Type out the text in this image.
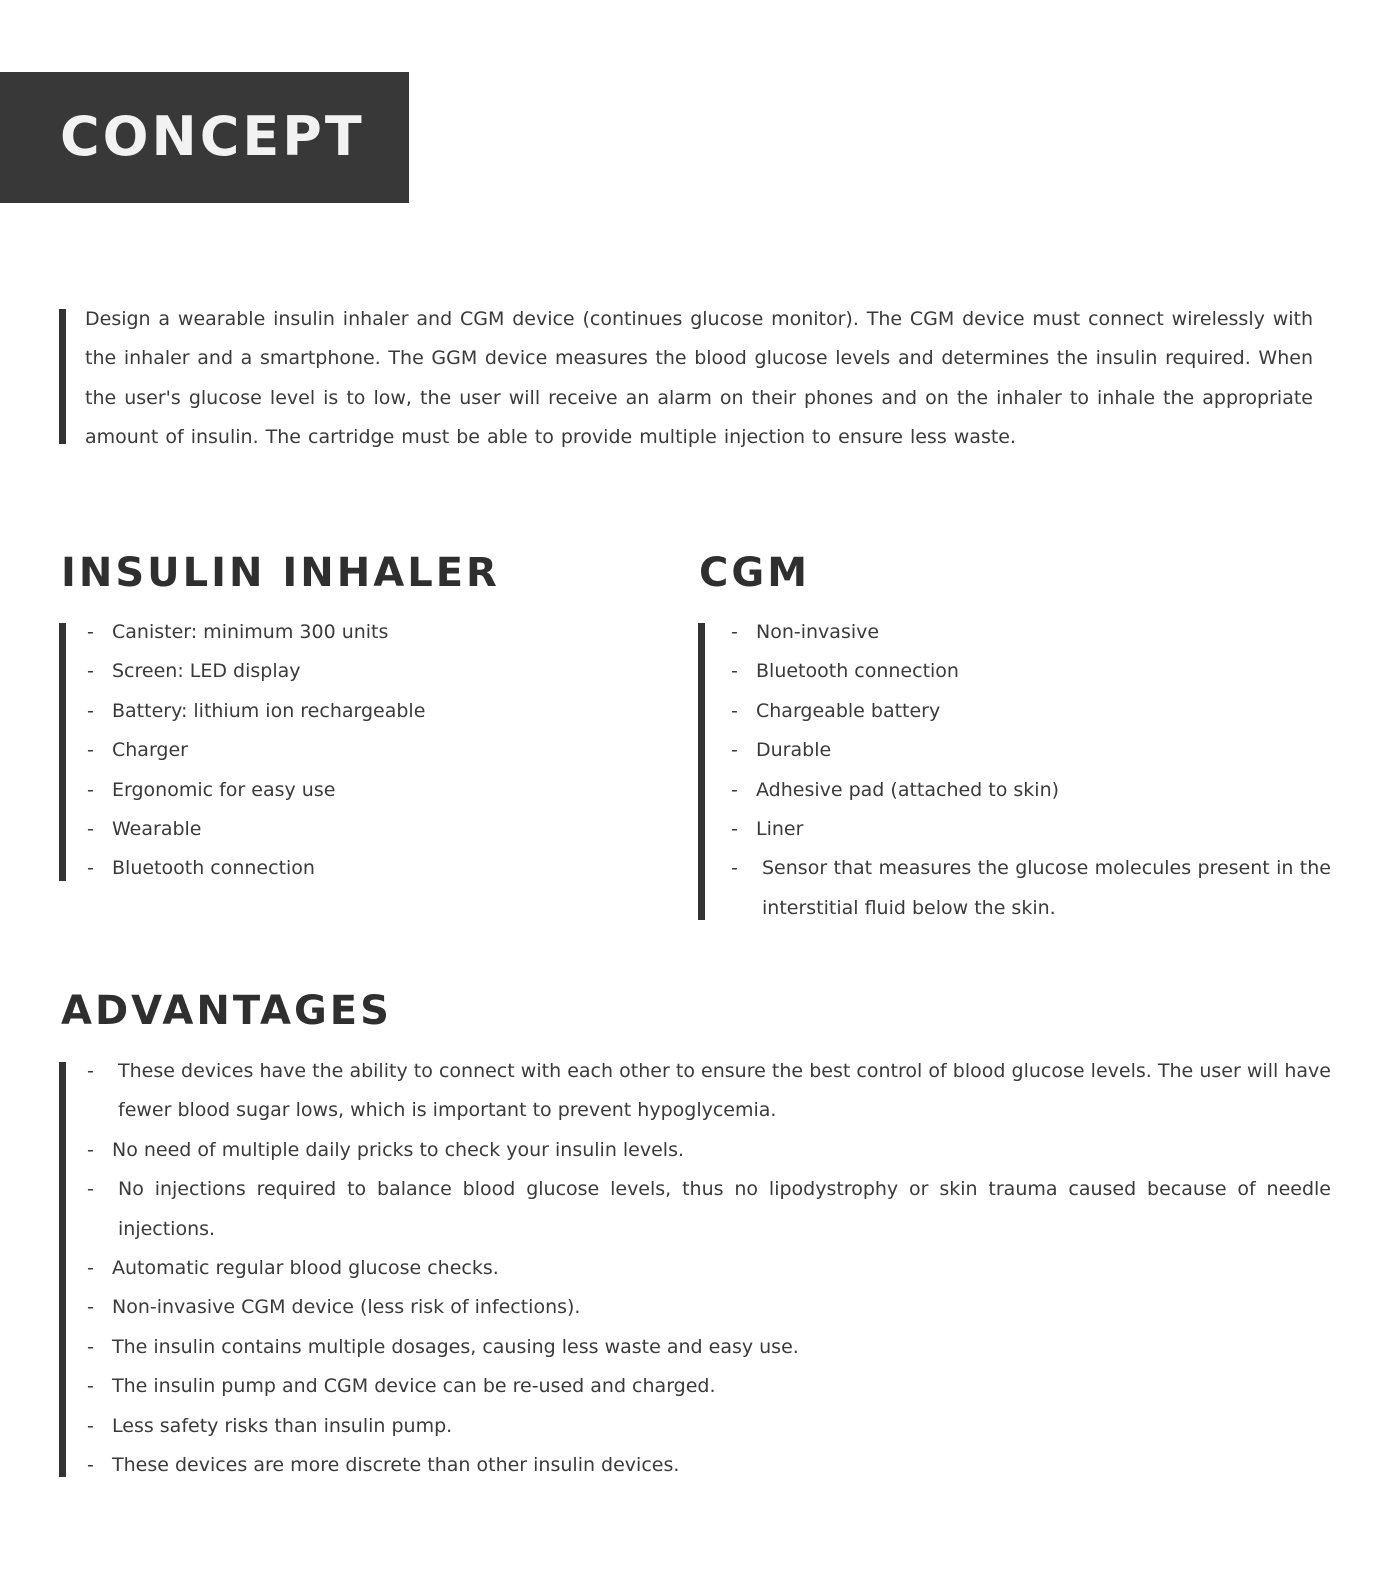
CONCEPT

Design a wearable insulin inhaler and CGM device (continues glucose monitor). The CGM device must connect wirelessly with the inhaler and a smartphone. The GGM device measures the blood glucose levels and determines the insulin required. When the user's glucose level is to low, the user will receive an alarm on their phones and on the inhaler to inhale the appropriate amount of insulin. The cartridge must be able to provide multiple injection to ensure less waste.

INSULIN INHALER
- Canister: minimum 300 units
- Screen: LED display
- Battery: lithium ion rechargeable
- Charger
- Ergonomic for easy use
- Wearable
- Bluetooth connection
CGM
- Non-invasive
- Bluetooth connection
- Chargeable battery
- Durable
- Adhesive pad (attached to skin)
- Liner
- Sensor that measures the glucose molecules present in the interstitial fluid below the skin.
ADVANTAGES
- These devices have the ability to connect with each other to ensure the best control of blood glucose levels. The user will have fewer blood sugar lows, which is important to prevent hypoglycemia.
- No need of multiple daily pricks to check your insulin levels.
- No injections required to balance blood glucose levels, thus no lipodystrophy or skin trauma caused because of needle injections.
- Automatic regular blood glucose checks.
- Non-invasive CGM device (less risk of infections).
- The insulin contains multiple dosages, causing less waste and easy use.
- The insulin pump and CGM device can be re-used and charged.
- Less safety risks than insulin pump.
- These devices are more discrete than other insulin devices.
